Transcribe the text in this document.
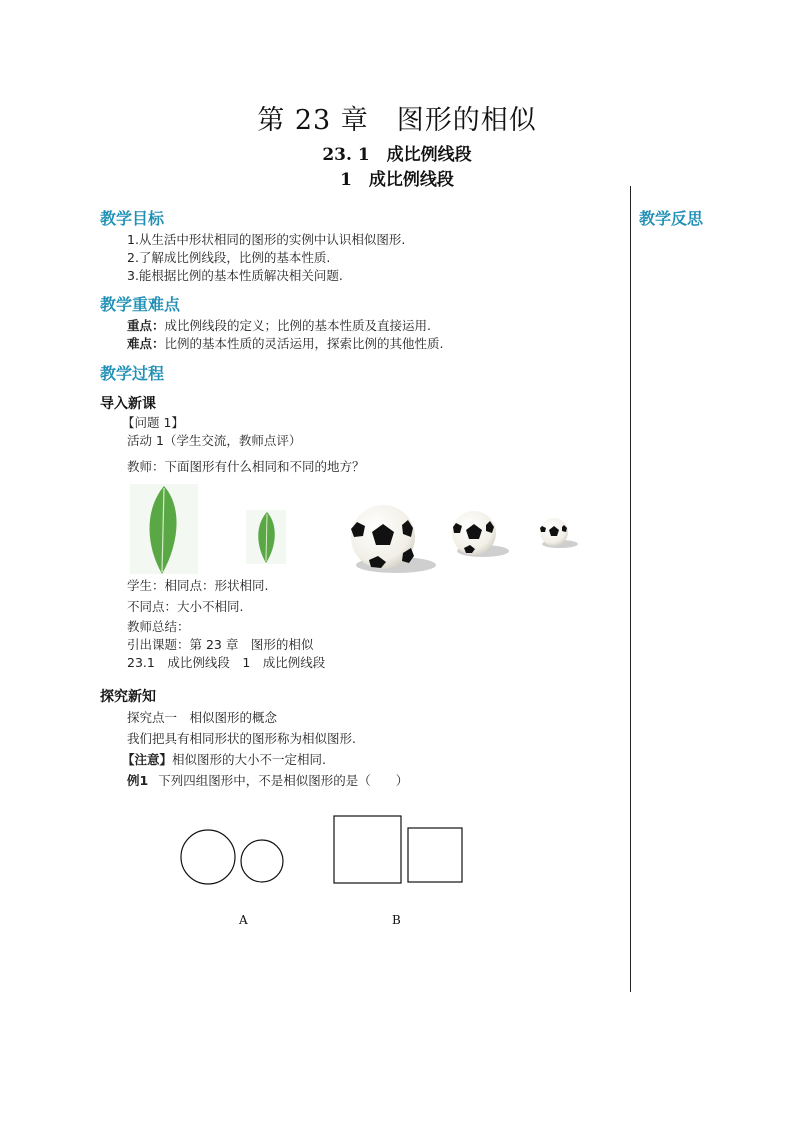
第 23 章　图形的相似
23. 1　成比例线段
1　成比例线段
教学反思
教学目标
1.从生活中形状相同的图形的实例中认识相似图形.
2.了解成比例线段，比例的基本性质.
3.能根据比例的基本性质解决相关问题.
教学重难点
重点：成比例线段的定义；比例的基本性质及直接运用.
难点：比例的基本性质的灵活运用，探索比例的其他性质.
教学过程
导入新课
【问题 1】
活动 1（学生交流，教师点评）
教师：下面图形有什么相同和不同的地方？
学生：相同点：形状相同.
不同点：大小不相同.
教师总结：
引出课题：第 23 章　图形的相似
23.1　成比例线段　1　成比例线段
探究新知
探究点一　相似图形的概念
我们把具有相同形状的图形称为相似图形.
【注意】相似图形的大小不一定相同.
例1 下列四组图形中，不是相似图形的是（　　）
A	B
